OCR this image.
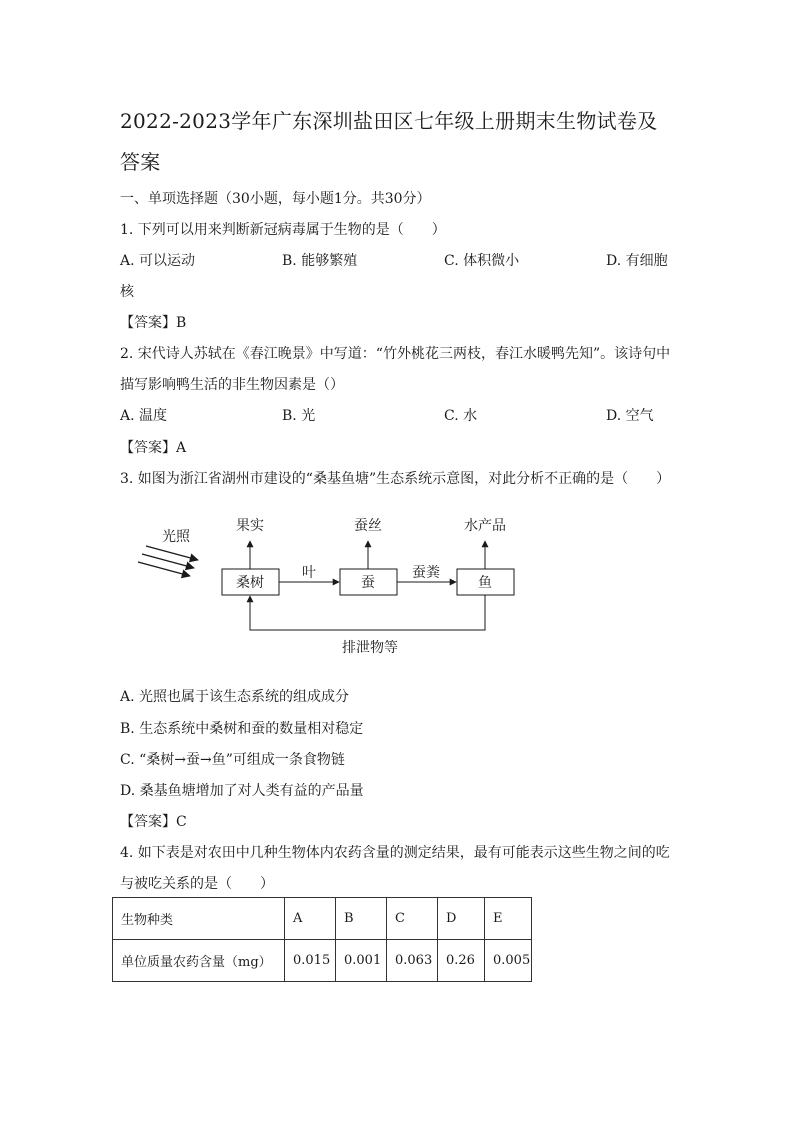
2022-2023学年广东深圳盐田区七年级上册期末生物试卷及
答案
一、单项选择题（30小题，每小题1分。共30分）
1. 下列可以用来判断新冠病毒属于生物的是（　　）
A. 可以运动	B. 能够繁殖	C. 体积微小	D. 有细胞
核
【答案】B
2. 宋代诗人苏轼在《春江晚景》中写道：“竹外桃花三两枝，春江水暖鸭先知”。该诗句中
描写影响鸭生活的非生物因素是（）
A. 温度	B. 光	C. 水	D. 空气
【答案】A
3. 如图为浙江省湖州市建设的“桑基鱼塘”生态系统示意图，对此分析不正确的是（　　）
光照
桑树	蚕	鱼
果实	蚕丝	水产品
叶	蚕粪
排泄物等
A. 光照也属于该生态系统的组成成分
B. 生态系统中桑树和蚕的数量相对稳定
C. “桑树→蚕→鱼”可组成一条食物链
D. 桑基鱼塘增加了对人类有益的产品量
【答案】C
4. 如下表是对农田中几种生物体内农药含量的测定结果，最有可能表示这些生物之间的吃
与被吃关系的是（　　）
生物种类	A	B	C	D	E
单位质量农药含量（mg）	0.015	0.001	0.063	0.26	0.005
